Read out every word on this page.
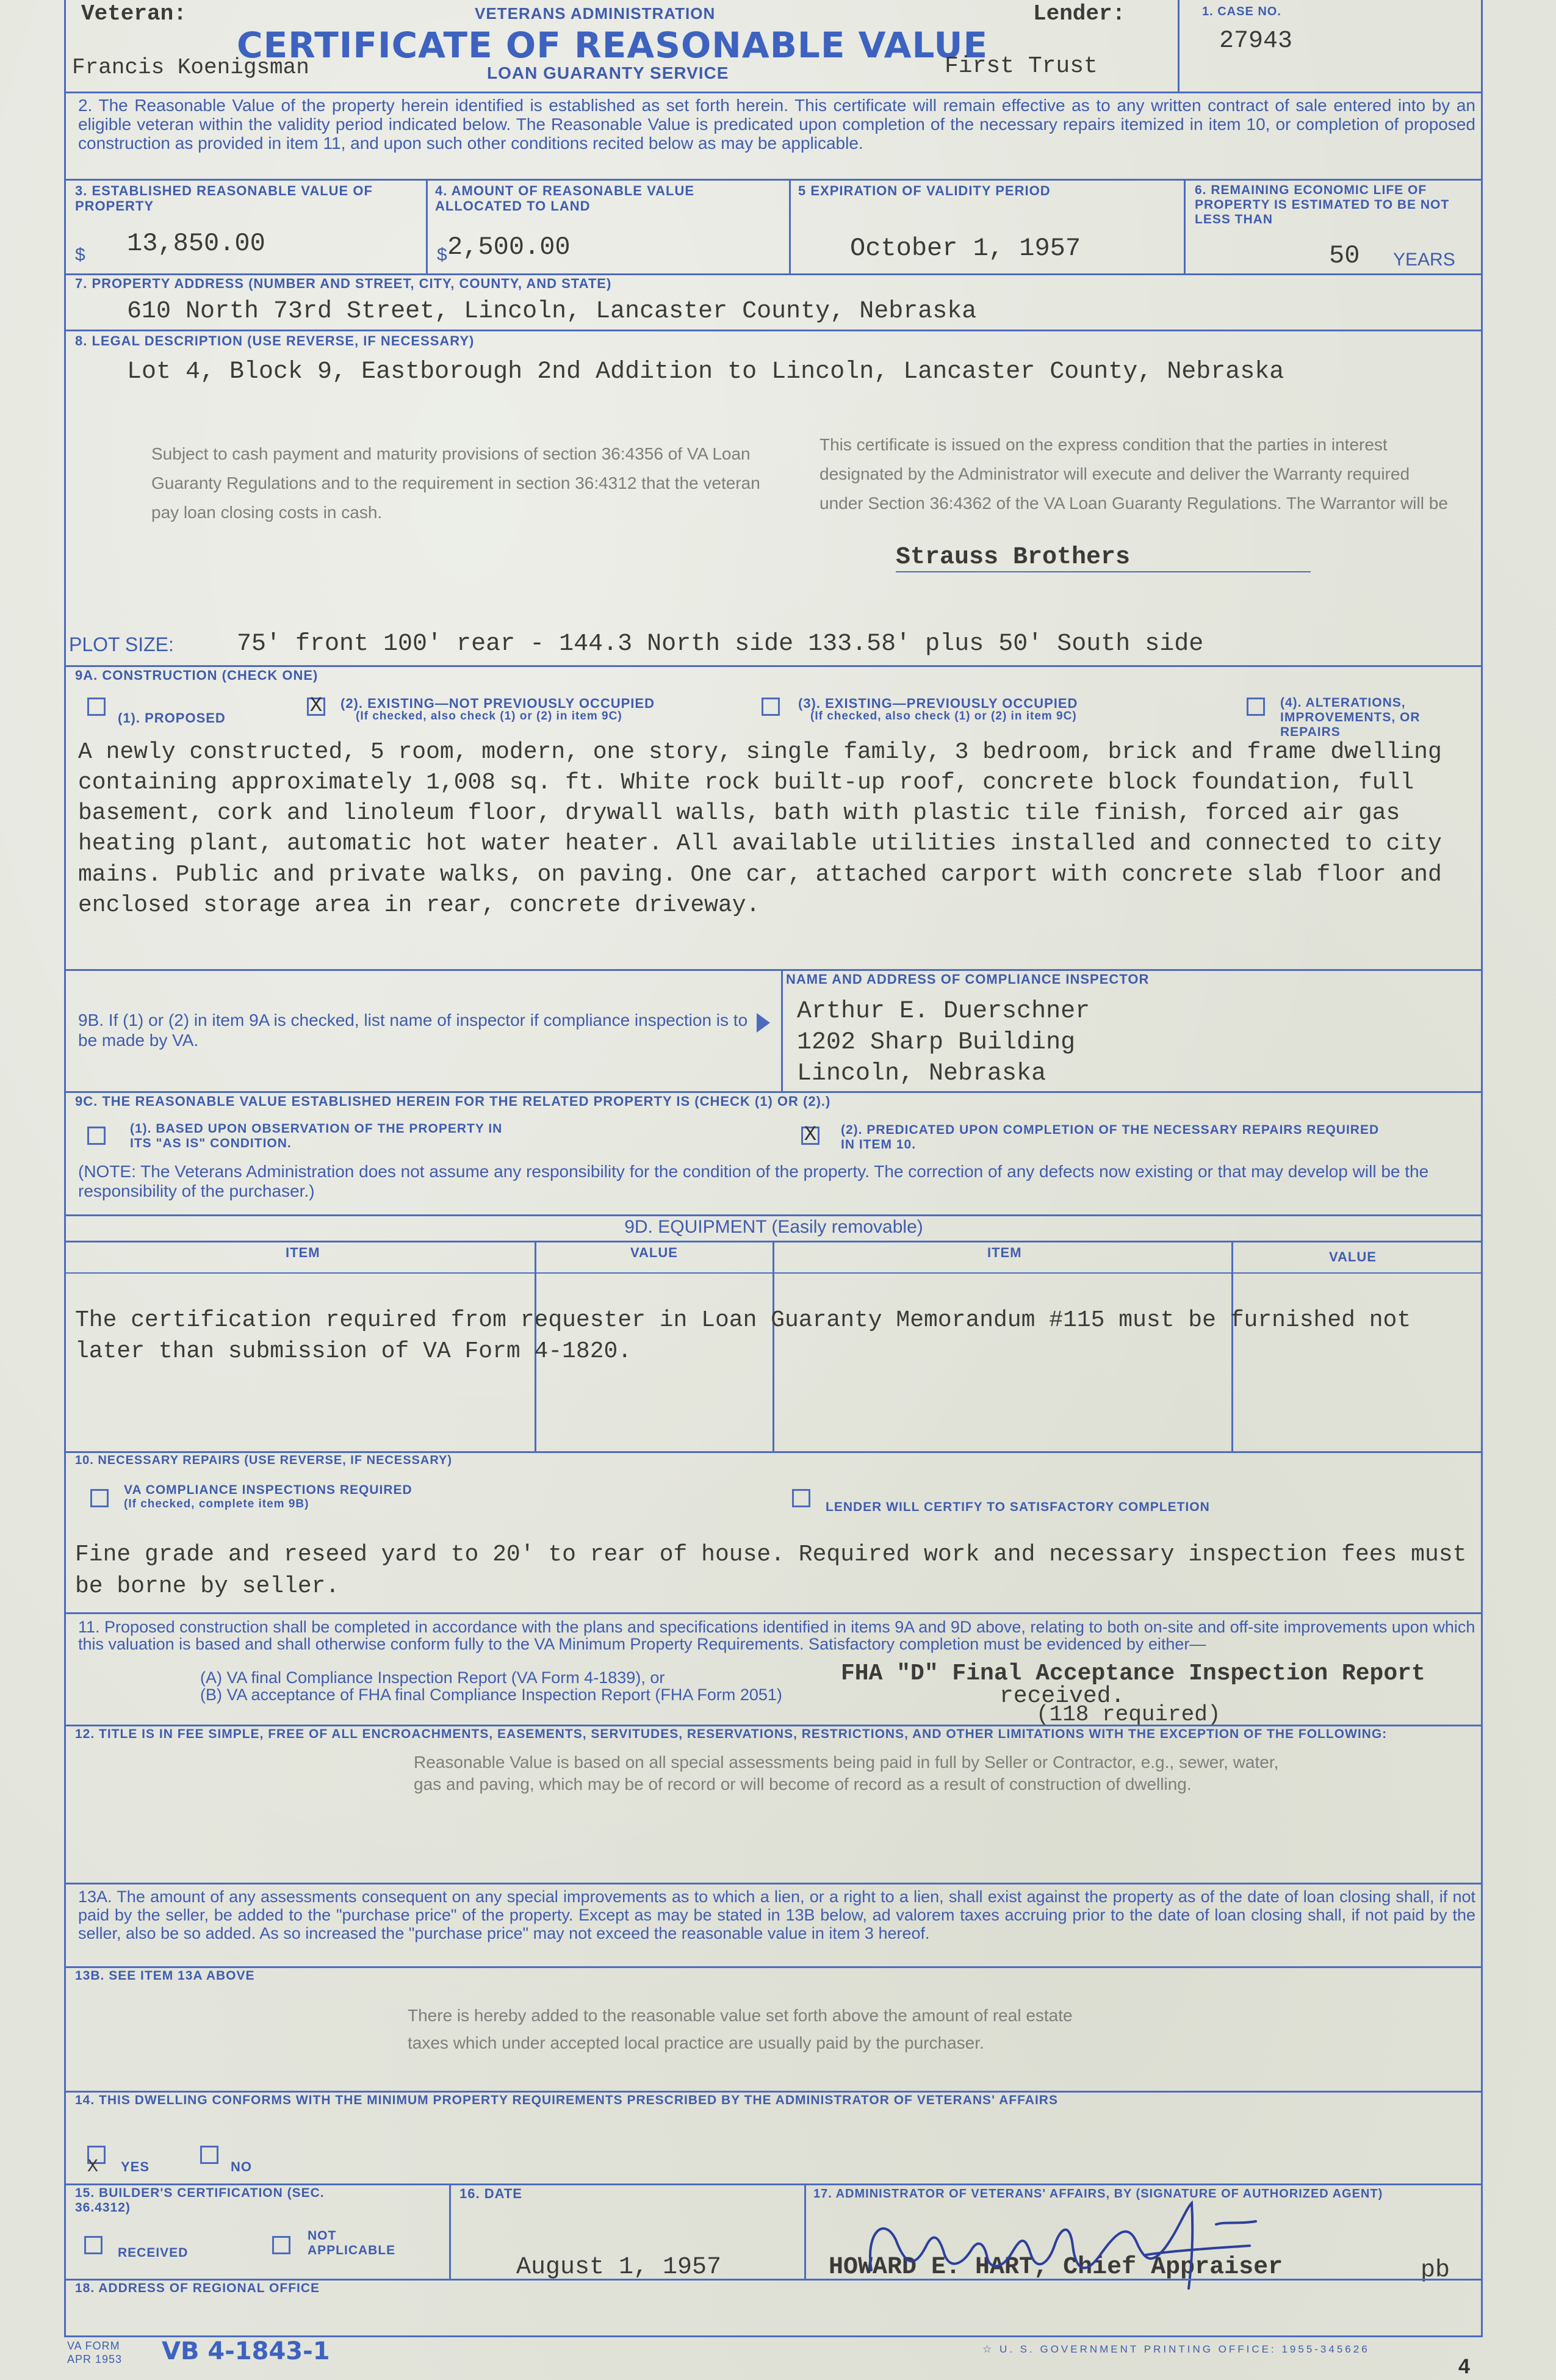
Veteran:
Francis Koenigsman
VETERANS ADMINISTRATION
CERTIFICATE OF REASONABLE VALUE
LOAN GUARANTY SERVICE
Lender:
First Trust
1. CASE NO.
27943
2. The Reasonable Value of the property herein identified is established as set forth herein. This certificate will remain effective as to any written contract of sale entered into by an eligible veteran within the validity period indicated below. The Reasonable Value is predicated upon completion of the necessary repairs itemized in item 10, or completion of proposed construction as provided in item 11, and upon such other conditions recited below as may be applicable.
3. ESTABLISHED REASONABLE VALUE OF PROPERTY
$ 13,850.00
4. AMOUNT OF REASONABLE VALUE ALLOCATED TO LAND
$ 2,500.00
5 EXPIRATION OF VALIDITY PERIOD
October 1, 1957
6. REMAINING ECONOMIC LIFE OF PROPERTY IS ESTIMATED TO BE NOT LESS THAN
50 YEARS
7. PROPERTY ADDRESS (NUMBER AND STREET, CITY, COUNTY, AND STATE)
610 North 73rd Street, Lincoln, Lancaster County, Nebraska
8. LEGAL DESCRIPTION (USE REVERSE, IF NECESSARY)
Lot 4, Block 9, Eastborough 2nd Addition to Lincoln, Lancaster County, Nebraska
Subject to cash payment and maturity provisions of section 36:4356 of VA Loan Guaranty Regulations and to the requirement in section 36:4312 that the veteran pay loan closing costs in cash.
This certificate is issued on the express condition that the parties in interest designated by the Administrator will execute and deliver the Warranty required under Section 36:4362 of the VA Loan Guaranty Regulations. The Warrantor will be
Strauss Brothers
PLOT SIZE:	75' front 100' rear - 144.3 North side 133.58' plus 50' South side
9A. CONSTRUCTION (CHECK ONE)
(1). PROPOSED
X (2). EXISTING—NOT PREVIOUSLY OCCUPIED
(If checked, also check (1) or (2) in item 9C)
(3). EXISTING—PREVIOUSLY OCCUPIED
(If checked, also check (1) or (2) in item 9C)
(4). ALTERATIONS, IMPROVEMENTS, OR REPAIRS
A newly constructed, 5 room, modern, one story, single family, 3 bedroom, brick and frame dwelling containing approximately 1,008 sq. ft. White rock built-up roof, concrete block foundation, full basement, cork and linoleum floor, drywall walls, bath with plastic tile finish, forced air gas heating plant, automatic hot water heater. All available utilities installed and connected to city mains. Public and private walks, on paving. One car, attached carport with concrete slab floor and enclosed storage area in rear, concrete driveway.
9B. If (1) or (2) in item 9A is checked, list name of inspector if compliance inspection is to be made by VA.
NAME AND ADDRESS OF COMPLIANCE INSPECTOR
Arthur E. Duerschner
1202 Sharp Building
Lincoln, Nebraska
9C. THE REASONABLE VALUE ESTABLISHED HEREIN FOR THE RELATED PROPERTY IS (CHECK (1) OR (2).)
(1). BASED UPON OBSERVATION OF THE PROPERTY IN ITS "AS IS" CONDITION.	X (2). PREDICATED UPON COMPLETION OF THE NECESSARY REPAIRS REQUIRED IN ITEM 10.
(NOTE: The Veterans Administration does not assume any responsibility for the condition of the property. The correction of any defects now existing or that may develop will be the responsibility of the purchaser.)
9D. EQUIPMENT (Easily removable)
ITEM	VALUE	ITEM	VALUE
The certification required from requester in Loan Guaranty Memorandum #115 must be furnished not later than submission of VA Form 4-1820.
10. NECESSARY REPAIRS (USE REVERSE, IF NECESSARY)
VA COMPLIANCE INSPECTIONS REQUIRED
(If checked, complete item 9B)	LENDER WILL CERTIFY TO SATISFACTORY COMPLETION
Fine grade and reseed yard to 20' to rear of house. Required work and necessary inspection fees must be borne by seller.
11. Proposed construction shall be completed in accordance with the plans and specifications identified in items 9A and 9D above, relating to both on-site and off-site improvements upon which this valuation is based and shall otherwise conform fully to the VA Minimum Property Requirements. Satisfactory completion must be evidenced by either—
(A) VA final Compliance Inspection Report (VA Form 4-1839), or
(B) VA acceptance of FHA final Compliance Inspection Report (FHA Form 2051)
FHA "D" Final Acceptance Inspection Report
received.
(118 required)
12. TITLE IS IN FEE SIMPLE, FREE OF ALL ENCROACHMENTS, EASEMENTS, SERVITUDES, RESERVATIONS, RESTRICTIONS, AND OTHER LIMITATIONS WITH THE EXCEPTION OF THE FOLLOWING:
Reasonable Value is based on all special assessments being paid in full by Seller or Contractor, e.g., sewer, water, gas and paving, which may be of record or will become of record as a result of construction of dwelling.
13A. The amount of any assessments consequent on any special improvements as to which a lien, or a right to a lien, shall exist against the property as of the date of loan closing shall, if not paid by the seller, be added to the "purchase price" of the property. Except as may be stated in 13B below, ad valorem taxes accruing prior to the date of loan closing shall, if not paid by the seller, also be so added. As so increased the "purchase price" may not exceed the reasonable value in item 3 hereof.
13B. SEE ITEM 13A ABOVE
There is hereby added to the reasonable value set forth above the amount of real estate taxes which under accepted local practice are usually paid by the purchaser.
14. THIS DWELLING CONFORMS WITH THE MINIMUM PROPERTY REQUIREMENTS PRESCRIBED BY THE ADMINISTRATOR OF VETERANS' AFFAIRS
X YES	NO
15. BUILDER'S CERTIFICATION (SEC. 36.4312)
RECEIVED
NOT APPLICABLE
16. DATE
August 1, 1957
17. ADMINISTRATOR OF VETERANS' AFFAIRS, BY (SIGNATURE OF AUTHORIZED AGENT)
HOWARD E. HART, Chief Appraiser	pb
18. ADDRESS OF REGIONAL OFFICE
VA FORM
APR 1953 VB 4-1843-1	☆ U. S. GOVERNMENT PRINTING OFFICE: 1955-345626
4
